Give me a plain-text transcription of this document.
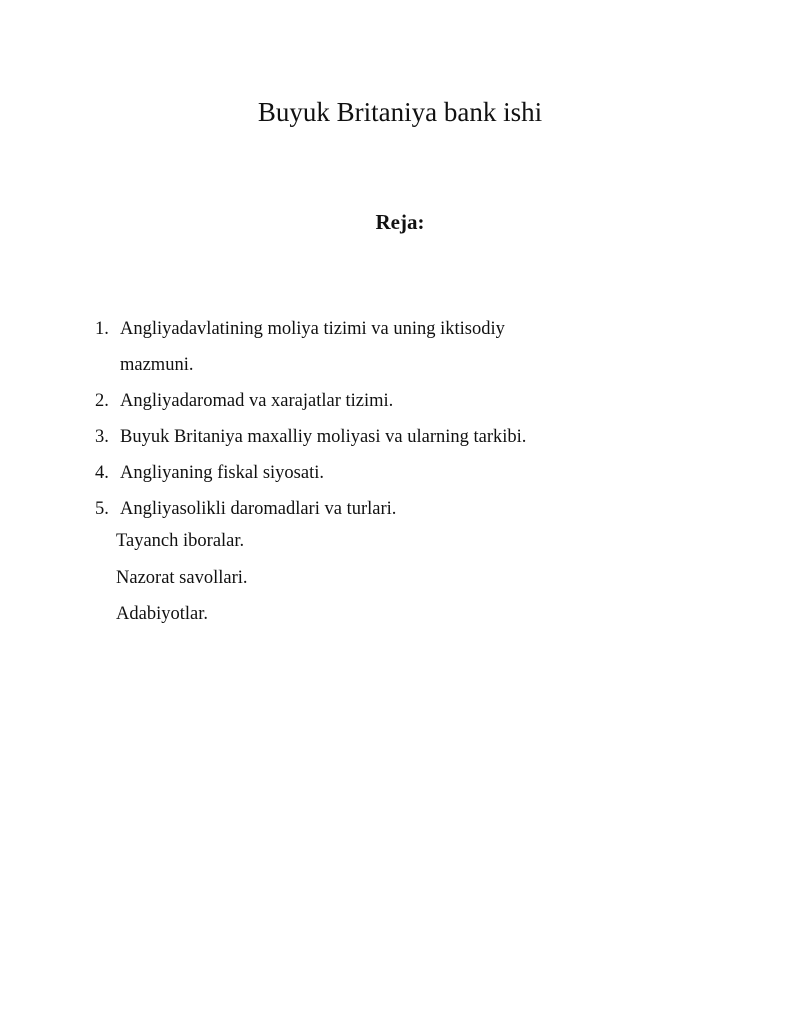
Buyuk Britaniya bank ishi
Reja:
1. Angliyadavlatining moliya tizimi va uning iktisodiy
mazmuni.
2. Angliyadaromad va xarajatlar tizimi.
3. Buyuk Britaniya maxalliy moliyasi va ularning tarkibi.
4. Angliyaning fiskal siyosati.
5. Angliyasolikli daromadlari va turlari.
Tayanch iboralar.
Nazorat savollari.
Adabiyotlar.
